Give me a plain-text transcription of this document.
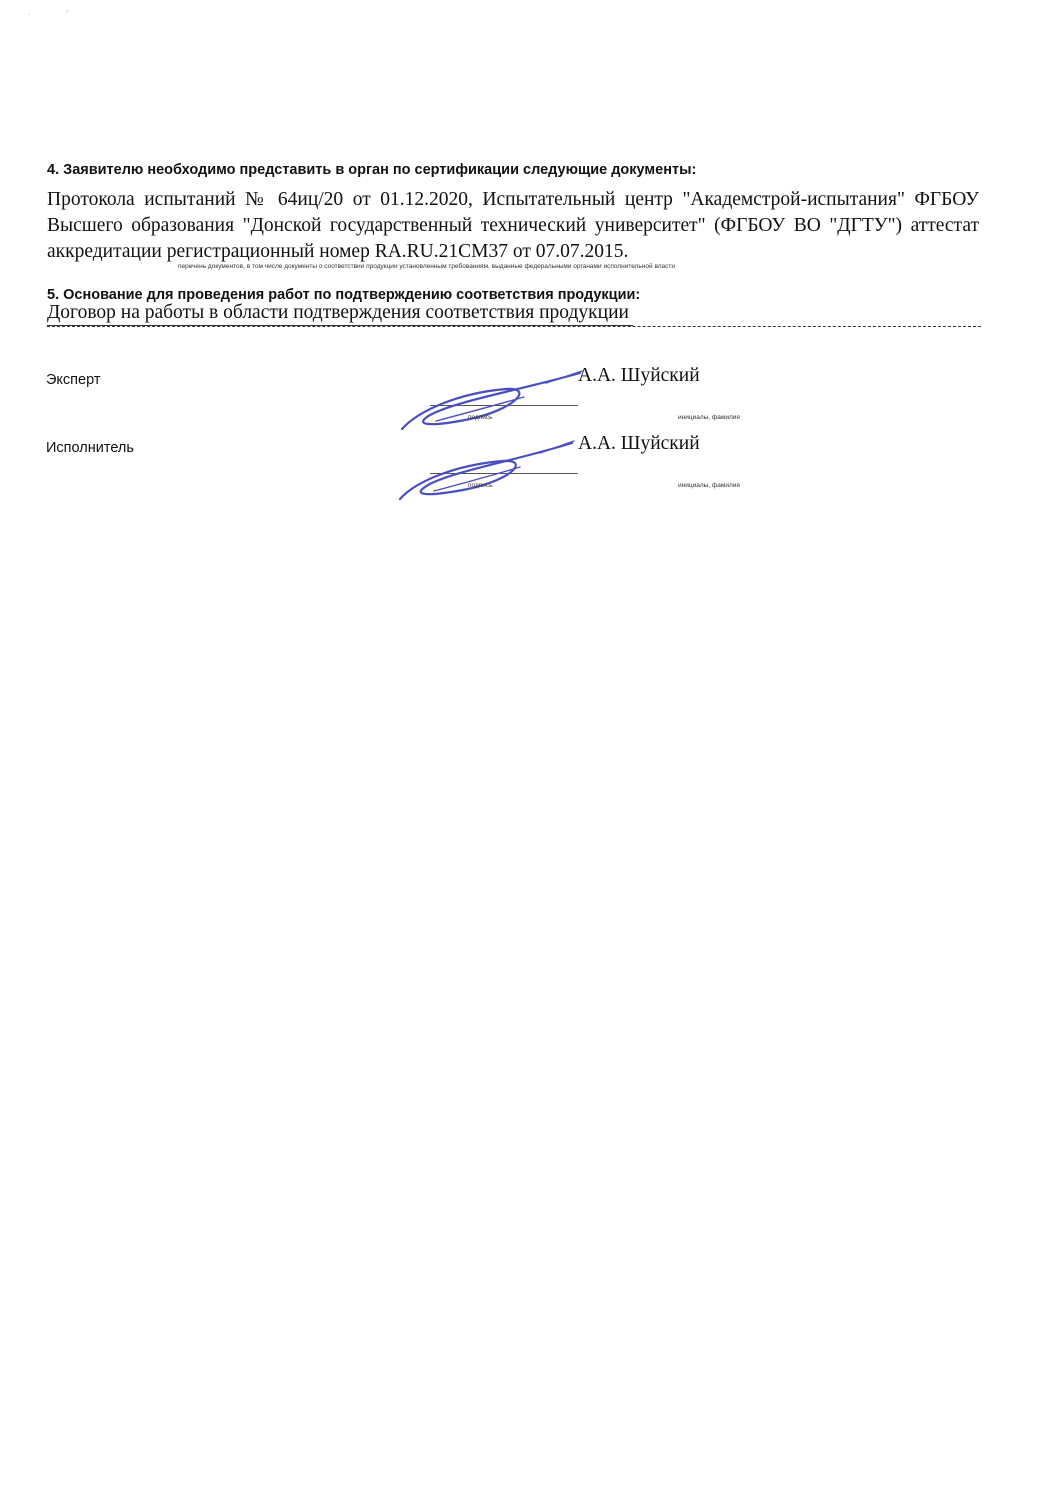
·	ˊ
4. Заявителю необходимо представить в орган по сертификации следующие документы:
Протокола испытаний № 64иц/20 от 01.12.2020, Испытательный центр "Академстрой-испытания" ФГБОУ Высшего образования "Донской государственный технический университет" (ФГБОУ ВО "ДГТУ") аттестат аккредитации регистрационный номер RA.RU.21СМ37 от 07.07.2015.
перечень документов, в том числе документы о соответствии продукции установленным требованиям, выданные федеральными органами исполнительной власти
5. Основание для проведения работ по подтверждению соответствия продукции:
Договор на работы в области подтверждения соответствия продукции
Эксперт	А.А. Шуйский
подпись	инициалы, фамилия
Исполнитель	А.А. Шуйский
подпись	инициалы, фамилия
